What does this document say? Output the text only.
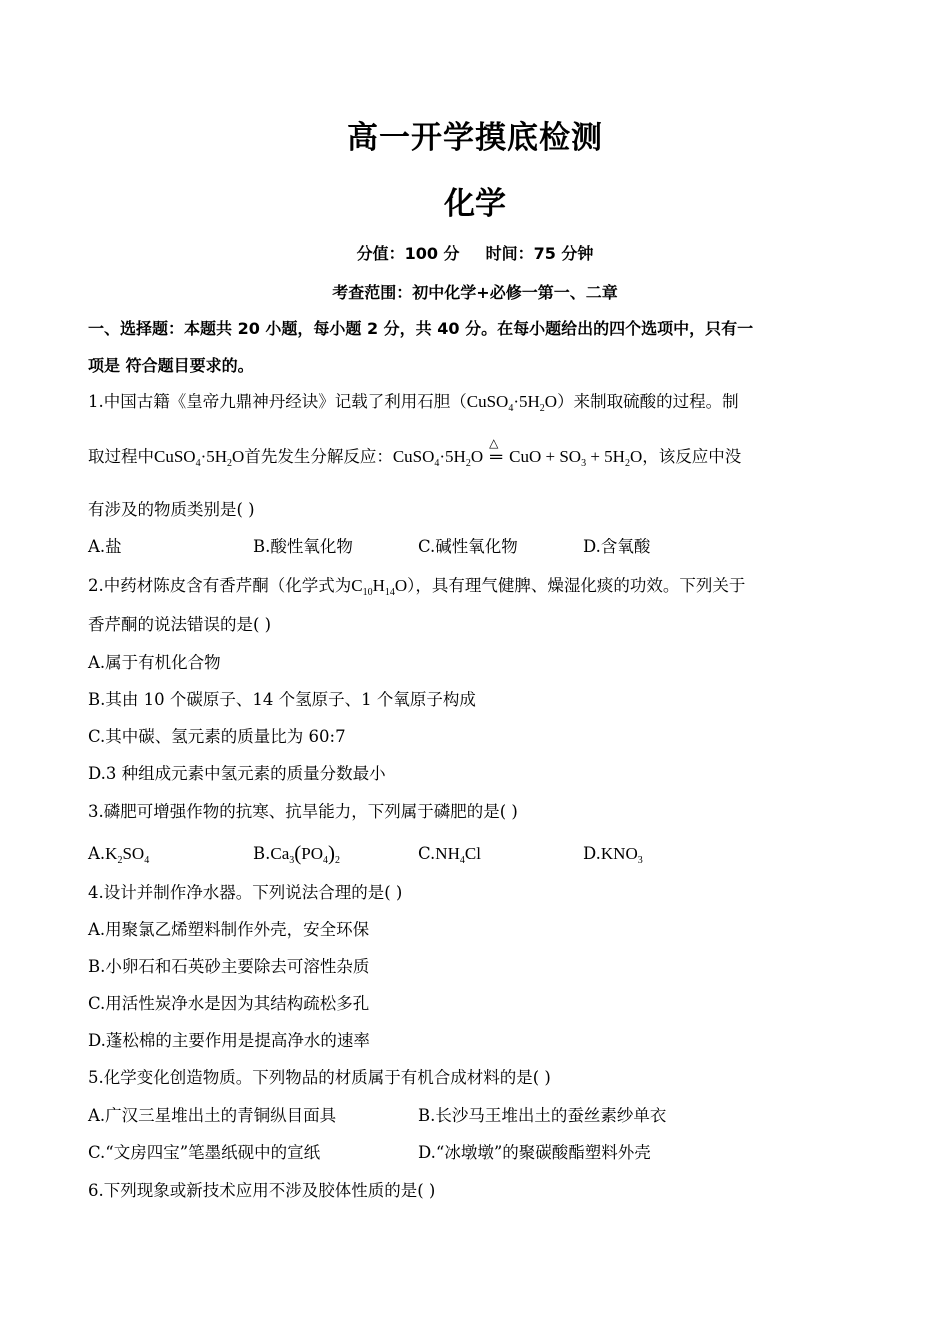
高一开学摸底检测
化学
分值：100 分 时间：75 分钟
考查范围：初中化学+必修一第一、二章
一、选择题：本题共 20 小题，每小题 2 分，共 40 分。在每小题给出的四个选项中，只有一
项是 符合题目要求的。
1.中国古籍《皇帝九鼎神丹经诀》记载了利用石胆$(CuSO_4\cdot 5H_2O)$来制取硫酸的过程。制
取过程中$CuSO_4\cdot 5H_2O$首先发生分解反应：$CuSO_4\cdot 5H_2O$
△
═ CuO + $SO_3 + 5H_2O$，该反应中没
有涉及的物质类别是( )
A.盐	B.酸性氧化物	C.碱性氧化物	D.含氧酸
2.中药材陈皮含有香芹酮（化学式为$C_{10}H_{14}O$），具有理气健脾、燥湿化痰的功效。下列关于
香芹酮的说法错误的是( )
A.属于有机化合物
B.其由 10 个碳原子、14 个氢原子、1 个氧原子构成
C.其中碳、氢元素的质量比为 60:7
D.3 种组成元素中氢元素的质量分数最小
3.磷肥可增强作物的抗寒、抗旱能力，下列属于磷肥的是( )
$A.K_2SO_4$	$B.Ca_3(PO_4)_2$	$C.NH_4Cl$	$D.KNO_3$
4.设计并制作净水器。下列说法合理的是( )
A.用聚氯乙烯塑料制作外壳，安全环保
B.小卵石和石英砂主要除去可溶性杂质
C.用活性炭净水是因为其结构疏松多孔
D.蓬松棉的主要作用是提高净水的速率
5.化学变化创造物质。下列物品的材质属于有机合成材料的是( )
A.广汉三星堆出土的青铜纵目面具	B.长沙马王堆出土的蚕丝素纱单衣
C.“文房四宝”笔墨纸砚中的宣纸	D.“冰墩墩”的聚碳酸酯塑料外壳
6.下列现象或新技术应用不涉及胶体性质的是( )
